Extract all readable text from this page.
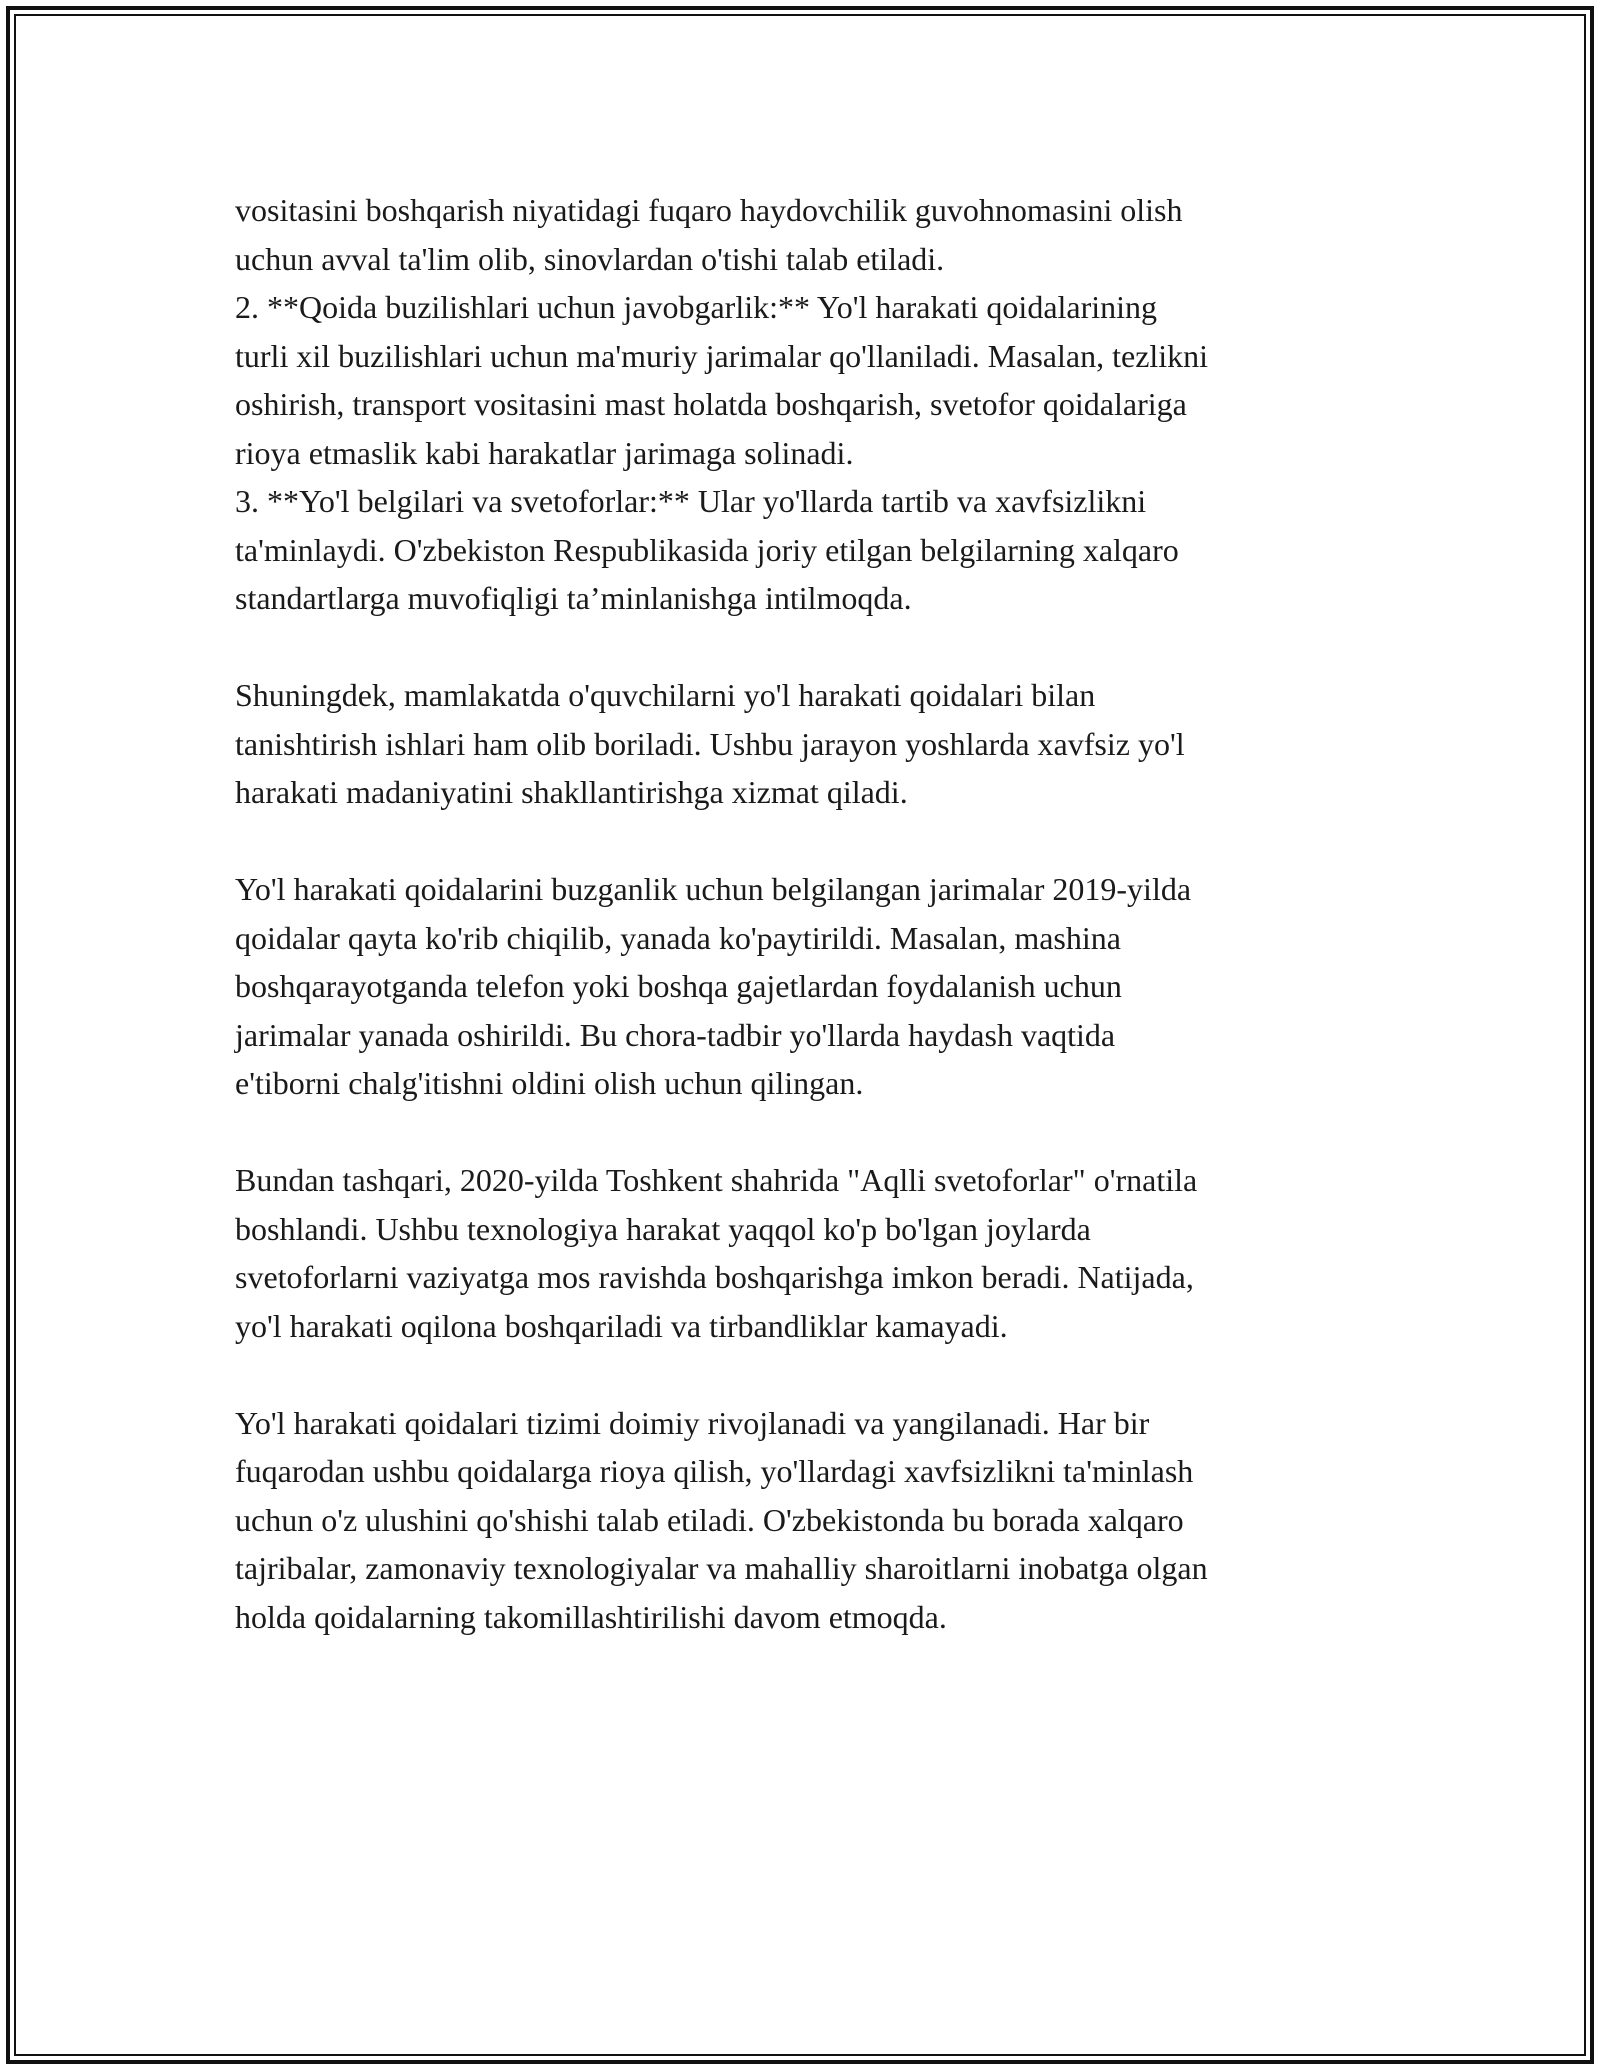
vositasini boshqarish niyatidagi fuqaro haydovchilik guvohnomasini olish
uchun avval ta'lim olib, sinovlardan o'tishi talab etiladi.
2. **Qoida buzilishlari uchun javobgarlik:** Yo'l harakati qoidalarining
turli xil buzilishlari uchun ma'muriy jarimalar qo'llaniladi. Masalan, tezlikni
oshirish, transport vositasini mast holatda boshqarish, svetofor qoidalariga
rioya etmaslik kabi harakatlar jarimaga solinadi.
3. **Yo'l belgilari va svetoforlar:** Ular yo'llarda tartib va xavfsizlikni
ta'minlaydi. O'zbekiston Respublikasida joriy etilgan belgilarning xalqaro
standartlarga muvofiqligi ta’minlanishga intilmoqda.

Shuningdek, mamlakatda o'quvchilarni yo'l harakati qoidalari bilan
tanishtirish ishlari ham olib boriladi. Ushbu jarayon yoshlarda xavfsiz yo'l
harakati madaniyatini shakllantirishga xizmat qiladi.

Yo'l harakati qoidalarini buzganlik uchun belgilangan jarimalar 2019-yilda
qoidalar qayta ko'rib chiqilib, yanada ko'paytirildi. Masalan, mashina
boshqarayotganda telefon yoki boshqa gajetlardan foydalanish uchun
jarimalar yanada oshirildi. Bu chora-tadbir yo'llarda haydash vaqtida
e'tiborni chalg'itishni oldini olish uchun qilingan.

Bundan tashqari, 2020-yilda Toshkent shahrida "Aqlli svetoforlar" o'rnatila
boshlandi. Ushbu texnologiya harakat yaqqol ko'p bo'lgan joylarda
svetoforlarni vaziyatga mos ravishda boshqarishga imkon beradi. Natijada,
yo'l harakati oqilona boshqariladi va tirbandliklar kamayadi.

Yo'l harakati qoidalari tizimi doimiy rivojlanadi va yangilanadi. Har bir
fuqarodan ushbu qoidalarga rioya qilish, yo'llardagi xavfsizlikni ta'minlash
uchun o'z ulushini qo'shishi talab etiladi. O'zbekistonda bu borada xalqaro
tajribalar, zamonaviy texnologiyalar va mahalliy sharoitlarni inobatga olgan
holda qoidalarning takomillashtirilishi davom etmoqda.
